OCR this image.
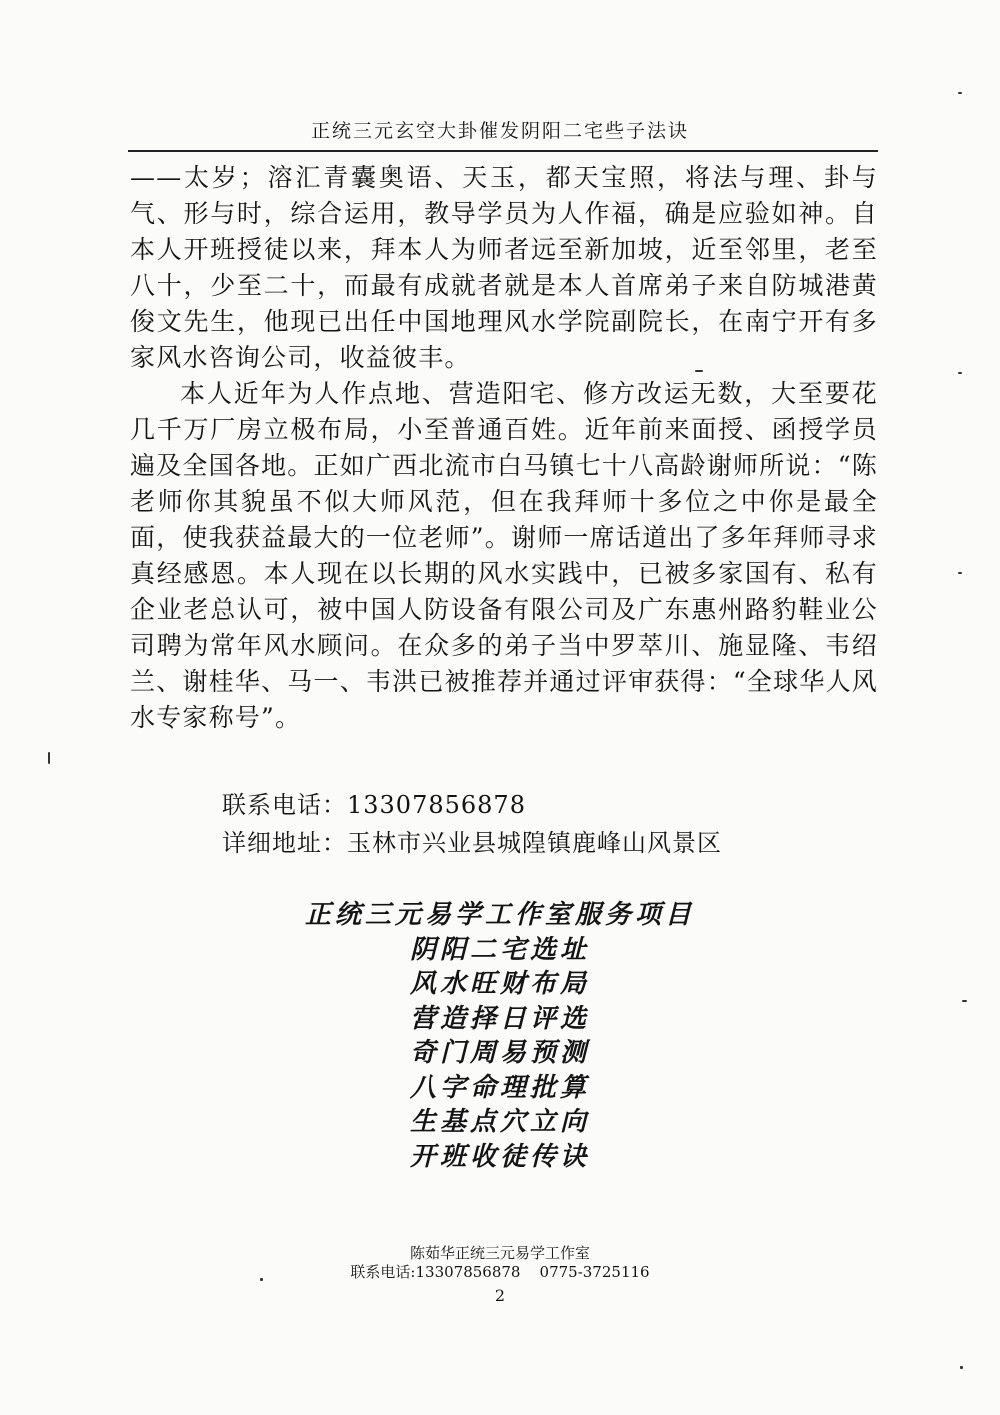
正统三元玄空大卦催发阴阳二宅些子法诀

——太岁；溶汇青囊奥语、天玉，都天宝照，将法与理、卦与气、形与时，综合运用，教导学员为人作福，确是应验如神。自本人开班授徒以来，拜本人为师者远至新加坡，近至邻里，老至八十，少至二十，而最有成就者就是本人首席弟子来自防城港黄俊文先生，他现已出任中国地理风水学院副院长，在南宁开有多家风水咨询公司，收益彼丰。

本人近年为人作点地、营造阳宅、修方改运无数，大至要花几千万厂房立极布局，小至普通百姓。近年前来面授、函授学员遍及全国各地。正如广西北流市白马镇七十八高龄谢师所说：“陈老师你其貌虽不似大师风范，但在我拜师十多位之中你是最全面，使我获益最大的一位老师”。谢师一席话道出了多年拜师寻求真经感恩。本人现在以长期的风水实践中，已被多家国有、私有企业老总认可，被中国人防设备有限公司及广东惠州路豹鞋业公司聘为常年风水顾问。在众多的弟子当中罗萃川、施显隆、韦绍兰、谢桂华、马一、韦洪已被推荐并通过评审获得：“全球华人风水专家称号”。

联系电话：13307856878
详细地址：玉林市兴业县城隍镇鹿峰山风景区
正统三元易学工作室服务项目
阴阳二宅选址
风水旺财布局
营造择日评选
奇门周易预测
八字命理批算
生基点穴立向
开班收徒传诀
陈茹华正统三元易学工作室
联系电话:13307856878    0775-3725116
2
